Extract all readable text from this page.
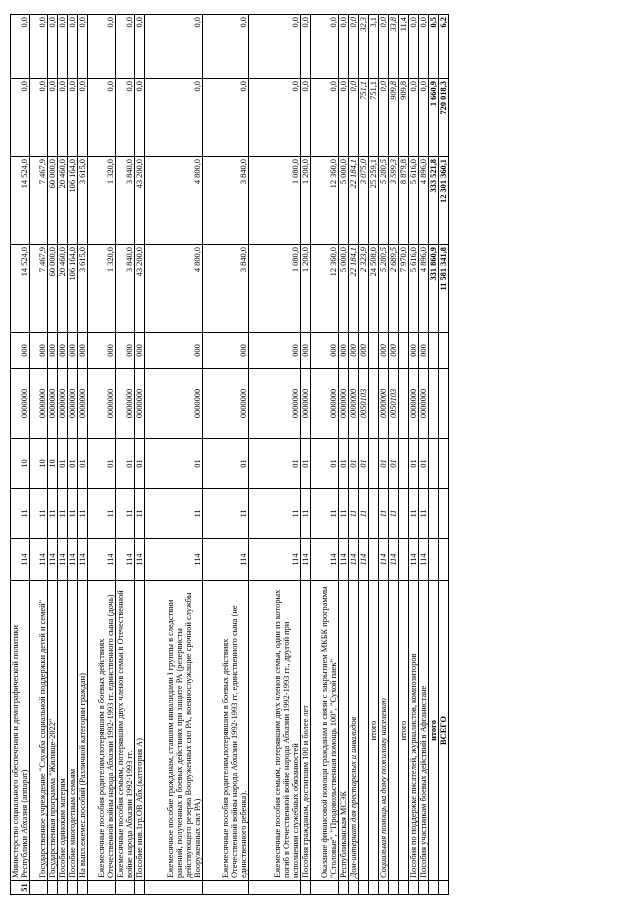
51	Министерство социального обеспечения и демографической политики Республики Абхазия (аппарат)	114	11	10	0000000	000	14 524,0	14 524,0	0,0	0,0
	Государственное учреждение "Служба социальной поддержки детей и семей"	114	11	10	0000000	000	7 467,9	7 467,9	0,0	0,0
	Государственная программа "Жилище-2022"	114	11	10	0000000	000	60 000,0	60 000,0	0,0	0,0
	Пособие одиноким матерям	114	11	01	0000000	000	20 460,0	20 460,0	0,0	0,0
	Пособие многодетным семьям	114	11	01	0000000	000	106 164,0	106 164,0	0,0	0,0
	На выпл.ежемес.пособий (Различной категории граждан)	114	11	01	0000000	000	3 615,0	3 615,0	0,0	0,0
	Ежемесячные пособия родителям,потерявшим в боевых действиях Отечественной войны народа Абхазии 1992-1993 гг. единственного сына (дочь)	114	11	01	0000000	000	1 320,0	1 320,0	0,0	0,0
	Ежемесячные пособия семьям, потерявшим двух членов семьи в Отечественной войне народа Абхазии 1992-1993 гг.	114	11	01	0000000	000	3 840,0	3 840,0	0,0	0,0
	Пособие инв.1гр.ОВ Абх.(категория А)	114	11	01	0000000	000	43 200,0	43 200,0	0,0	0,0
	Ежемесячное пособие гражданам, ставшим инвалидами I группы в следствии ранений, полученных в боевых действиях при защите РА (резервисты действующего резерва Вооруженных сил РА, военнослужащие срочной службы Вооруженных сил РА)	114	11	01	0000000	000	4 800,0	4 800,0	0,0	0,0
	Ежемесячные пособия родителям,потерявшим в боевых действиях Отечественной войны народа Абхазии 1992-1993 гг. единственного сына (не единственного ребенка).	114	11	01	0000000	000	3 840,0	3 840,0	0,0	0,0
	Ежемесячные пособия семьям, потерявшим двух членов семьи, один из которых погиб в Отечественной войне народа Абхазии 1992-1993 гг., другой при исполнении служебных обязанностей	114	11	01	0000000	000	1 080,0	1 080,0	0,0	0,0
	Пособия гражданам, достигшим 100 и более лет	114	11	01	0000000	000	1 200,0	1 200,0	0,0	0,0
	Оказание финансовой помощи гражданам в связи с закрытием МКБК программы "Столовые", "Продовольственная помощь 100", "Сухой паек"	114	11	01	0000000	000	12 360,0	12 360,0	0,0	0,0
	Республиканская МСЭК	114	11	01	0000000	000	5 000,0	5 000,0	0,0	0,0
	Дом-интернат для престарелых и инвалидов	114	11	01	0000000	000	22 184,1	22 184,1	0,0	0,0
		114	11	01	0050103	000	2 323,9	3 075,0	751,1	32,3
	итого						24 508,0	25 259,1	751,1	3,1
	Социальная помощь на дому пожилому населению	114	11	01	0000000	000	5 280,5	5 280,5	0,0	0,0
		114	11	01	0050103	000	2 689,5	3 599,3	909,8	33,8
	итого						7 970,0	8 879,8	909,8	11,4
	Пособия по поддержке писателей, журналистов, композиторов	114	11	01	0000000	000	5 616,0	5 616,0	0,0	0,0
	Пособия участникам боевых действий в Афганистане	114	11	01	0000000	000	4 896,0	4 896,0	0,0	0,0
	итого						331 860,9	333 521,8	1 660,9	0,5
	ВСЕГО						11 581 341,8	12 301 360,1	720 018,3	6,2
